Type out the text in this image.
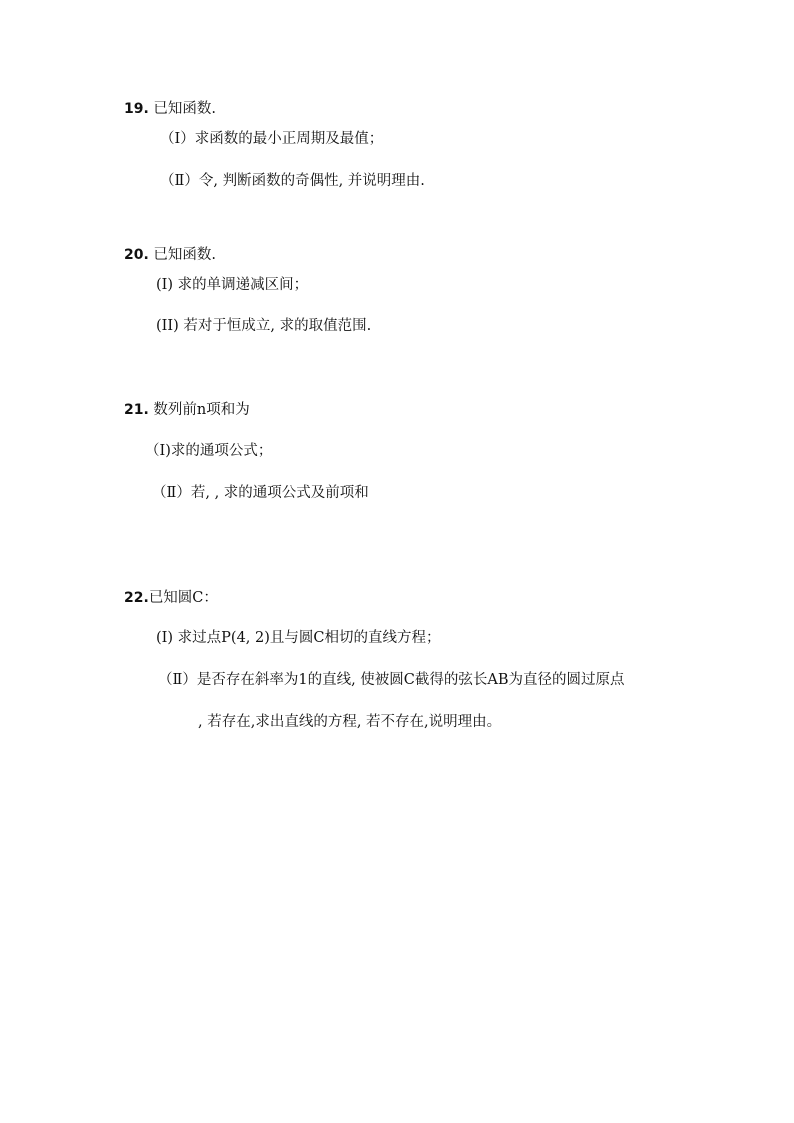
19. 已知函数.
（Ⅰ）求函数的最小正周期及最值；
（Ⅱ）令, 判断函数的奇偶性, 并说明理由.
20. 已知函数.
(I) 求的单调递减区间；
(II) 若对于恒成立, 求的取值范围.
21. 数列前n项和为
（Ⅰ)求的通项公式；
（Ⅱ）若, , 求的通项公式及前项和
22.已知圆C：
(I) 求过点P(4, 2)且与圆C相切的直线方程；
（Ⅱ）是否存在斜率为1的直线, 使被圆C截得的弦长AB为直径的圆过原点
, 若存在,求出直线的方程, 若不存在,说明理由。
